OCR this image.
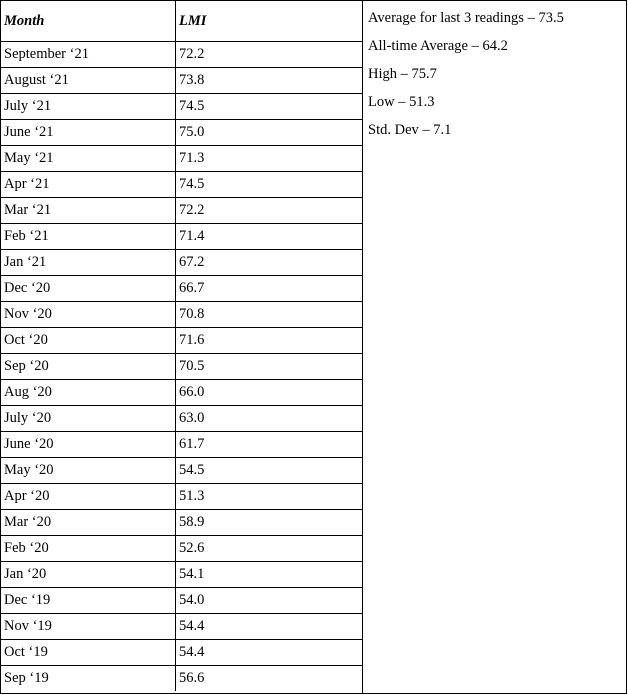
Month	LMI
September ‘21	72.2
August ‘21	73.8
July ‘21	74.5
June ‘21	75.0
May ‘21	71.3
Apr ‘21	74.5
Mar ‘21	72.2
Feb ‘21	71.4
Jan ‘21	67.2
Dec ‘20	66.7
Nov ‘20	70.8
Oct ‘20	71.6
Sep ‘20	70.5
Aug ‘20	66.0
July ‘20	63.0
June ‘20	61.7
May ‘20	54.5
Apr ‘20	51.3
Mar ‘20	58.9
Feb ‘20	52.6
Jan ‘20	54.1
Dec ‘19	54.0
Nov ‘19	54.4
Oct ‘19	54.4
Sep ‘19	56.6

Average for last 3 readings – 73.5
All-time Average – 64.2
High – 75.7
Low – 51.3
Std. Dev – 7.1
